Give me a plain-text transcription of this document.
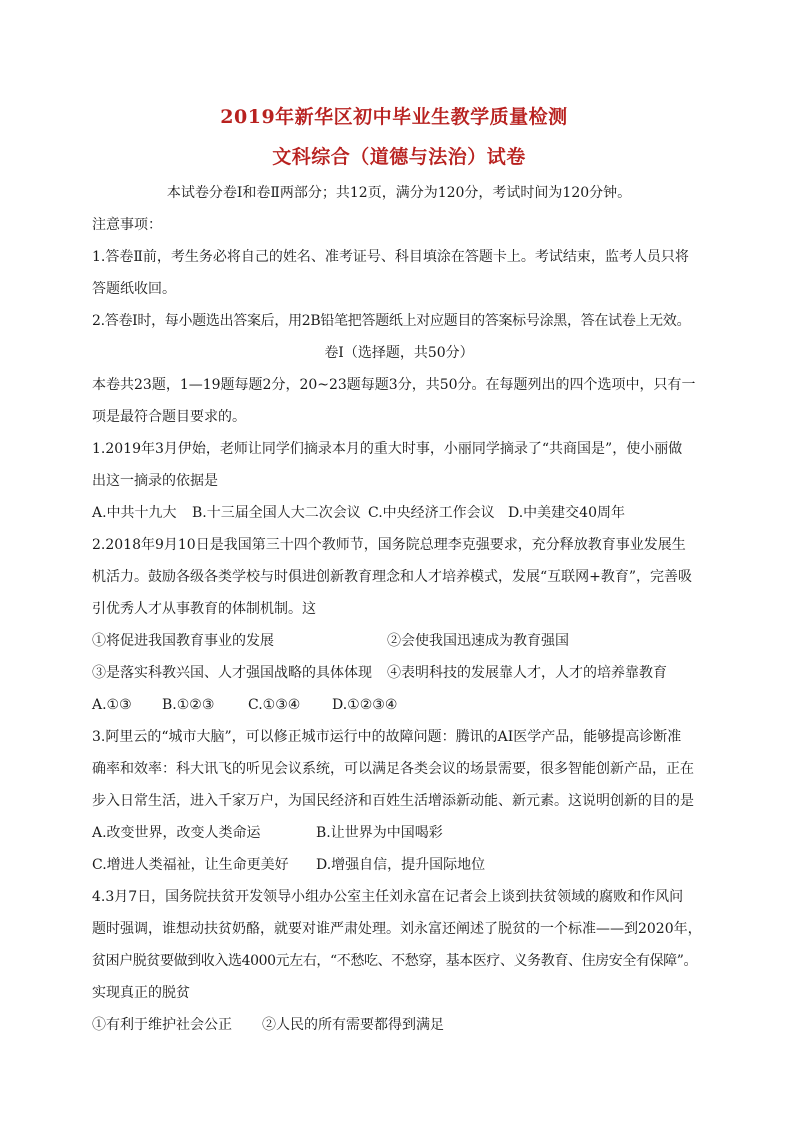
2019年新华区初中毕业生教学质量检测
文科综合（道德与法治）试卷
本试卷分卷Ⅰ和卷Ⅱ两部分；共12页，满分为120分，考试时间为120分钟。
注意事项：
1.答卷Ⅱ前，考生务必将自己的姓名、准考证号、科目填涂在答题卡上。考试结束，监考人员只将
答题纸收回。
2.答卷Ⅰ时，每小题选出答案后，用2B铅笔把答题纸上对应题目的答案标号涂黑，答在试卷上无效。
卷Ⅰ（选择题，共50分）
本卷共23题，1—19题每题2分，20~23题每题3分，共50分。在每题列出的四个选项中，只有一
项是最符合题目要求的。
1.2019年3月伊始，老师让同学们摘录本月的重大时事，小丽同学摘录了“共商国是”，使小丽做
出这一摘录的依据是
A.中共十九大	B.十三届全国人大二次会议 C.中央经济工作会议 D.中美建交40周年
2.2018年9月10日是我国第三十四个教师节，国务院总理李克强要求，充分释放教育事业发展生
机活力。鼓励各级各类学校与时俱进创新教育理念和人才培养模式，发展“互联网+教育”，完善吸
引优秀人才从事教育的体制机制。这
①将促进我国教育事业的发展	②会使我国迅速成为教育强国
③是落实科教兴国、人才强国战略的具体体现	④表明科技的发展靠人才，人才的培养靠教育
A.①③	B.①②③	C.①③④	D.①②③④
3.阿里云的“城市大脑”，可以修正城市运行中的故障问题：腾讯的AI医学产品，能够提高诊断准
确率和效率：科大讯飞的听见会议系统，可以满足各类会议的场景需要，很多智能创新产品，正在
步入日常生活，进入千家万户，为国民经济和百姓生活增添新动能、新元素。这说明创新的目的是
A.改变世界，改变人类命运	B.让世界为中国喝彩
C.增进人类福祉，让生命更美好	D.增强自信，提升国际地位
4.3月7日，国务院扶贫开发领导小组办公室主任刘永富在记者会上谈到扶贫领域的腐败和作风问
题时强调，谁想动扶贫奶酪，就要对谁严肃处理。刘永富还阐述了脱贫的一个标准——到2020年，
贫困户脱贫要做到收入选4000元左右，“不愁吃、不愁穿，基本医疗、义务教育、住房安全有保障”。
实现真正的脱贫
①有利于维护社会公正	②人民的所有需要都得到满足
